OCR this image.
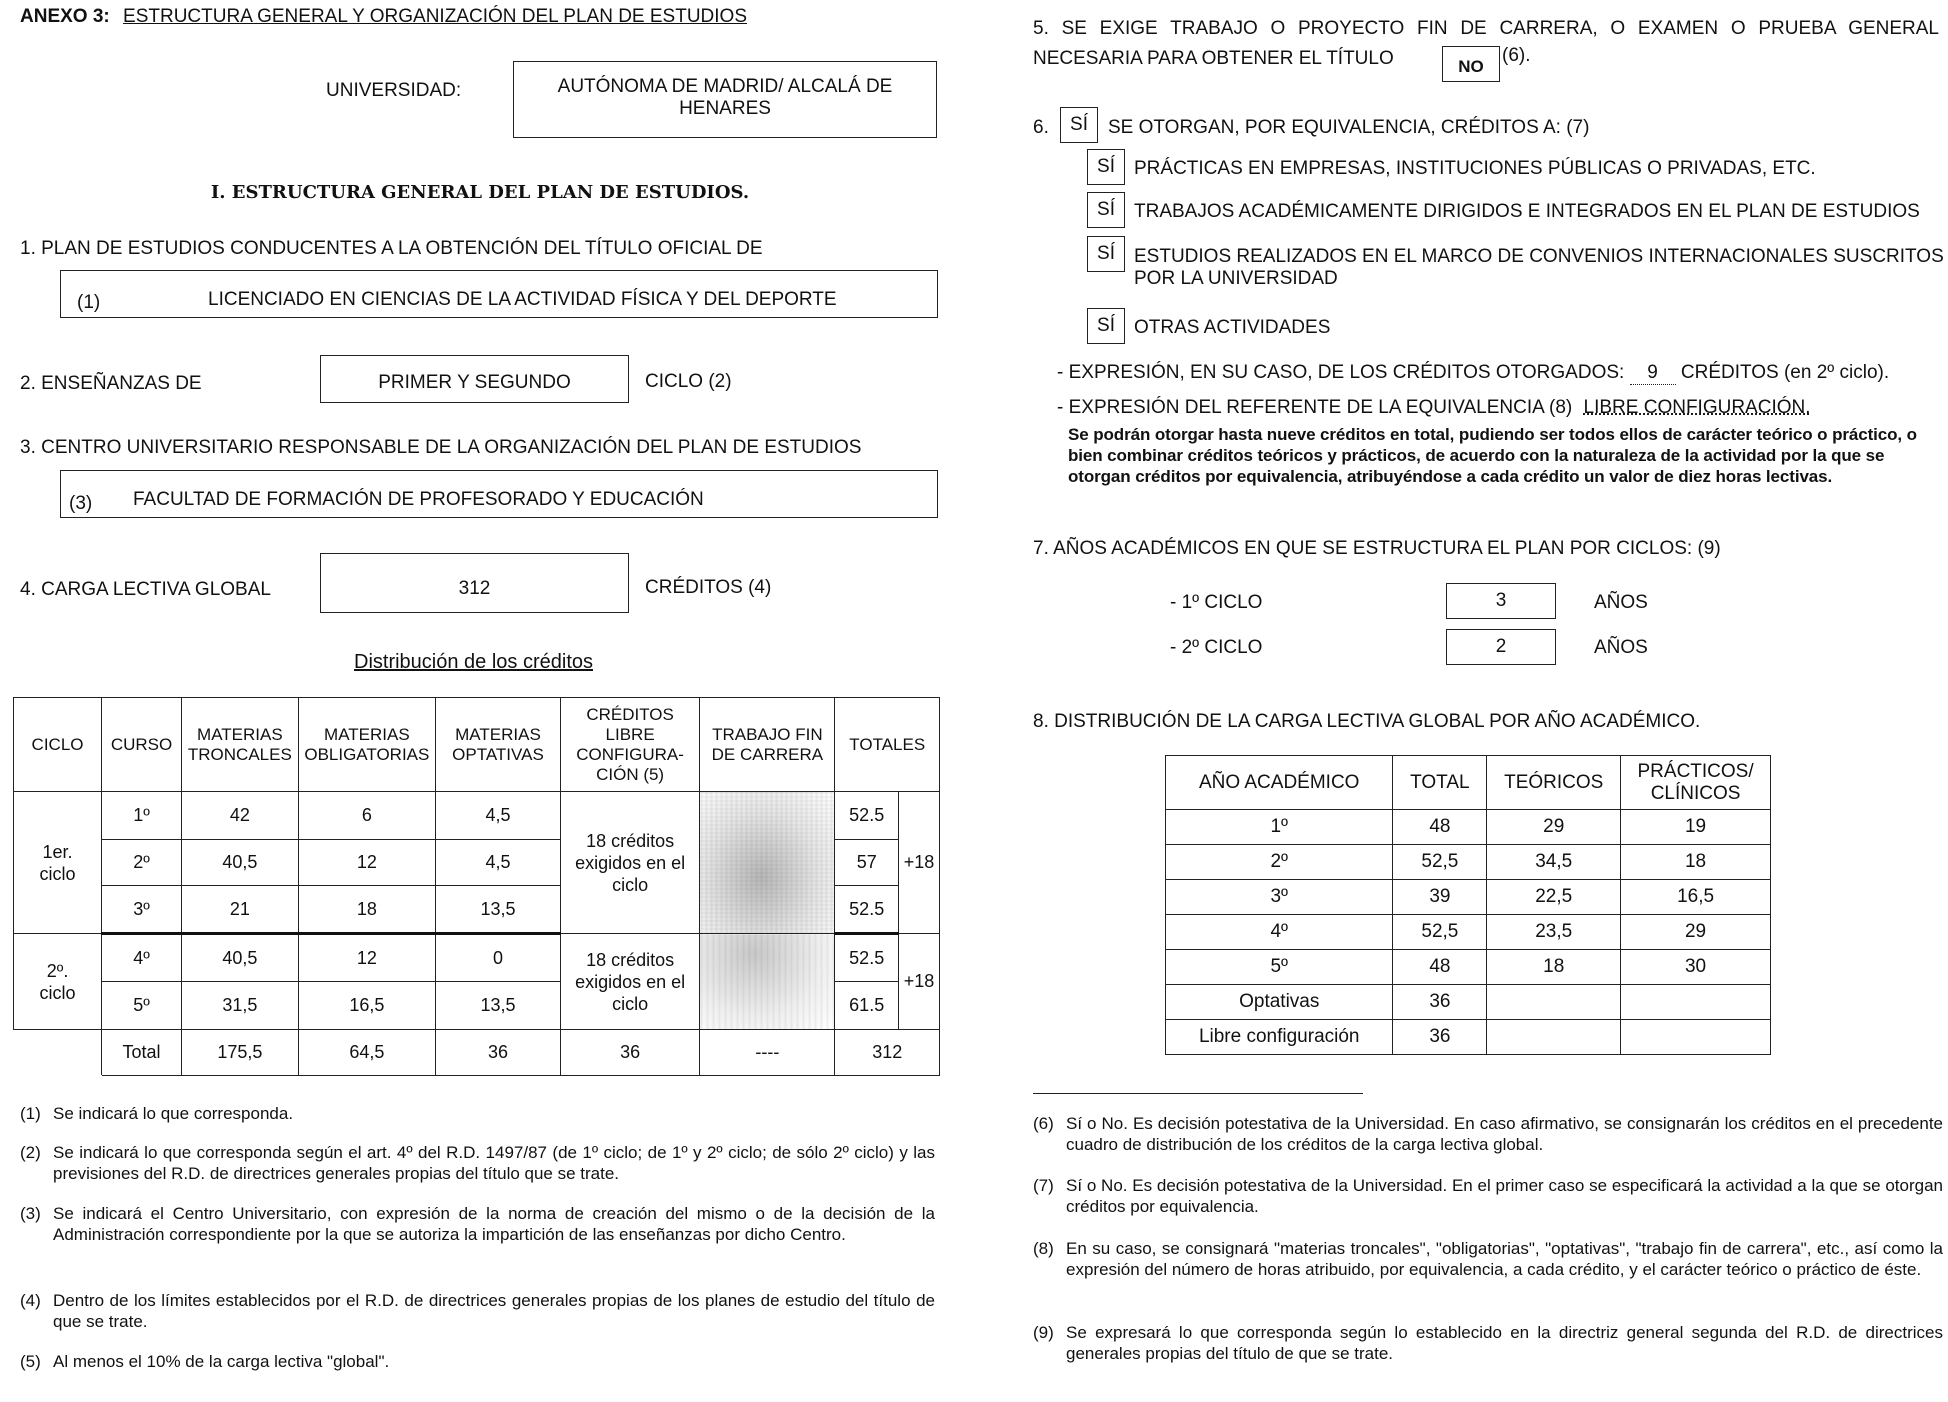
ANEXO 3: ESTRUCTURA GENERAL Y ORGANIZACIÓN DEL PLAN DE ESTUDIOS
UNIVERSIDAD:	AUTÓNOMA DE MADRID/ ALCALÁ DE HENARES
I. ESTRUCTURA GENERAL DEL PLAN DE ESTUDIOS.
1. PLAN DE ESTUDIOS CONDUCENTES A LA OBTENCIÓN DEL TÍTULO OFICIAL DE
(1)	LICENCIADO EN CIENCIAS DE LA ACTIVIDAD FÍSICA Y DEL DEPORTE
2. ENSEÑANZAS DE	PRIMER Y SEGUNDO	CICLO (2)
3. CENTRO UNIVERSITARIO RESPONSABLE DE LA ORGANIZACIÓN DEL PLAN DE ESTUDIOS
(3) FACULTAD DE FORMACIÓN DE PROFESORADO Y EDUCACIÓN
4. CARGA LECTIVA GLOBAL	312	CRÉDITOS (4)
Distribución de los créditos
CICLO	CURSO	MATERIAS TRONCALES	MATERIAS OBLIGATORIAS	MATERIAS OPTATIVAS	CRÉDITOS LIBRE CONFIGURA-CIÓN (5)	TRABAJO FIN DE CARRERA	TOTALES	
1er. ciclo	1º	42	6	4,5	18 créditos exigidos en el ciclo		52.5	+18
	2º	40,5	12	4,5			57	
	3º	21	18	13,5			52.5	
2º. ciclo	4º	40,5	12	0	18 créditos exigidos en el ciclo		52.5	+18
	5º	31,5	16,5	13,5			61.5	
	Total	175,5	64,5	36	36	----	312	
(1) Se indicará lo que corresponda.
(2) Se indicará lo que corresponda según el art. 4º del R.D. 1497/87 (de 1º ciclo; de 1º y 2º ciclo; de sólo 2º ciclo) y las previsiones del R.D. de directrices generales propias del título que se trate.
(3) Se indicará el Centro Universitario, con expresión de la norma de creación del mismo o de la decisión de la Administración correspondiente por la que se autoriza la impartición de las enseñanzas por dicho Centro.
(4) Dentro de los límites establecidos por el R.D. de directrices generales propias de los planes de estudio del título de que se trate.
(5) Al menos el 10% de la carga lectiva "global".
5. SE EXIGE TRABAJO O PROYECTO FIN DE CARRERA, O EXAMEN O PRUEBA GENERAL NECESARIA PARA OBTENER EL TÍTULO	NO
(6).
6.	SÍ	SE OTORGAN, POR EQUIVALENCIA, CRÉDITOS A: (7)
SÍ	PRÁCTICAS EN EMPRESAS, INSTITUCIONES PÚBLICAS O PRIVADAS, ETC.
SÍ	TRABAJOS ACADÉMICAMENTE DIRIGIDOS E INTEGRADOS EN EL PLAN DE ESTUDIOS
SÍ	ESTUDIOS REALIZADOS EN EL MARCO DE CONVENIOS INTERNACIONALES SUSCRITOS POR LA UNIVERSIDAD
SÍ	OTRAS ACTIVIDADES
- EXPRESIÓN, EN SU CASO, DE LOS CRÉDITOS OTORGADOS: 9 CRÉDITOS (en 2º ciclo).
- EXPRESIÓN DEL REFERENTE DE LA EQUIVALENCIA (8) LIBRE CONFIGURACIÓN.
Se podrán otorgar hasta nueve créditos en total, pudiendo ser todos ellos de carácter teórico o práctico, o bien combinar créditos teóricos y prácticos, de acuerdo con la naturaleza de la actividad por la que se otorgan créditos por equivalencia, atribuyéndose a cada crédito un valor de diez horas lectivas.
7. AÑOS ACADÉMICOS EN QUE SE ESTRUCTURA EL PLAN POR CICLOS: (9)
- 1º CICLO	3	AÑOS
- 2º CICLO	2	AÑOS
8. DISTRIBUCIÓN DE LA CARGA LECTIVA GLOBAL POR AÑO ACADÉMICO.
AÑO ACADÉMICO	TOTAL	TEÓRICOS	PRÁCTICOS/ CLÍNICOS
1º	48	29	19
2º	52,5	34,5	18
3º	39	22,5	16,5
4º	52,5	23,5	29
5º	48	18	30
Optativas	36		
Libre configuración	36		
(6) Sí o No. Es decisión potestativa de la Universidad. En caso afirmativo, se consignarán los créditos en el precedente cuadro de distribución de los créditos de la carga lectiva global.
(7) Sí o No. Es decisión potestativa de la Universidad. En el primer caso se especificará la actividad a la que se otorgan créditos por equivalencia.
(8) En su caso, se consignará "materias troncales", "obligatorias", "optativas", "trabajo fin de carrera", etc., así como la expresión del número de horas atribuido, por equivalencia, a cada crédito, y el carácter teórico o práctico de éste.
(9) Se expresará lo que corresponda según lo establecido en la directriz general segunda del R.D. de directrices generales propias del título de que se trate.
